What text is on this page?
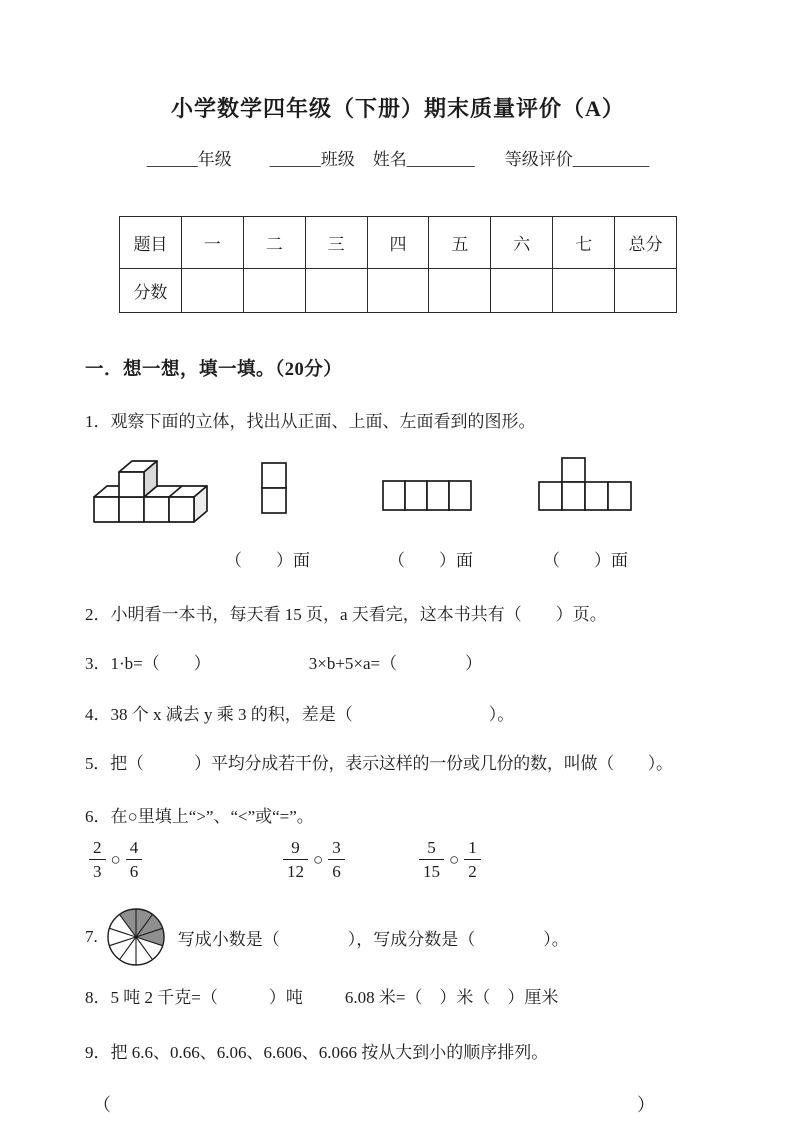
小学数学四年级（下册）期末质量评价（A）
______年级 ______班级 姓名________ 等级评价_________
题目	一	二	三	四	五	六	七	总分
分数								
一．想一想，填一填。（20分）
1．观察下面的立体，找出从正面、上面、左面看到的图形。
（　　）面	（　　）面	（　　）面
2．小明看一本书，每天看 15 页，a 天看完，这本书共有（　　）页。
3．1·b=（　　）	3×b+5×a=（　　　　）
4．38 个 x 减去 y 乘 3 的积，差是（　　　　　　　　）。
5．把（　　　）平均分成若干份，表示这样的一份或几份的数，叫做（　　）。
6．在○里填上“>”、“<”或“=”。
$\frac{2}{3}$ ○ $\frac{4}{6}$	$\frac{9}{12}$ ○ $\frac{3}{6}$	$\frac{5}{15}$ ○ $\frac{1}{2}$
7.	写成小数是（　　　　），写成分数是（　　　　）。
8．5 吨 2 千克=（　　　）吨 6.08 米=（　）米（　）厘米
9．把 6.6、0.66、6.06、6.606、6.066 按从大到小的顺序排列。
（	）
